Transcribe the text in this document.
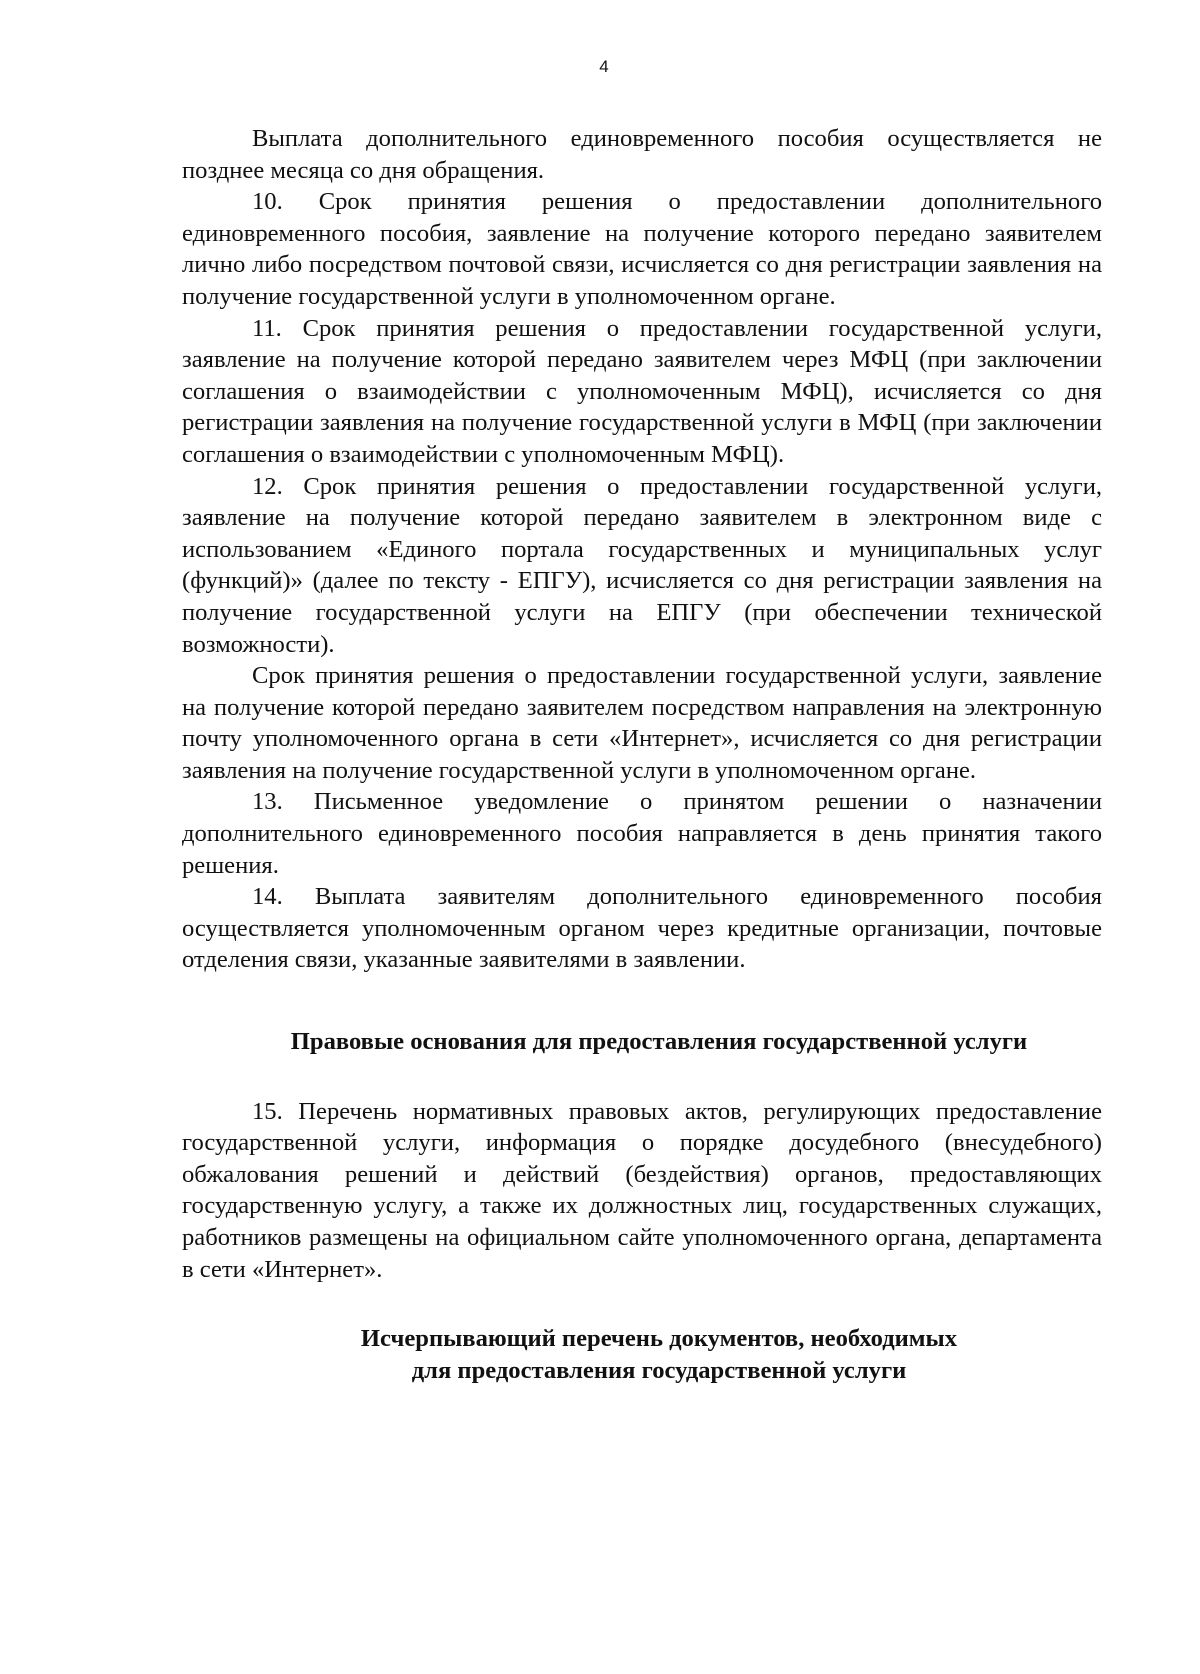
4

Выплата дополнительного единовременного пособия осуществляется не позднее месяца со дня обращения.

10. Срок принятия решения о предоставлении дополнительного единовременного пособия, заявление на получение которого передано заявителем лично либо посредством почтовой связи, исчисляется со дня регистрации заявления на получение государственной услуги в уполномоченном органе.

11. Срок принятия решения о предоставлении государственной услуги, заявление на получение которой передано заявителем через МФЦ (при заключении соглашения о взаимодействии с уполномоченным МФЦ), исчисляется со дня регистрации заявления на получение государственной услуги в МФЦ (при заключении соглашения о взаимодействии с уполномоченным МФЦ).

12. Срок принятия решения о предоставлении государственной услуги, заявление на получение которой передано заявителем в электронном виде с использованием «Единого портала государственных и муниципальных услуг (функций)» (далее по тексту - ЕПГУ), исчисляется со дня регистрации заявления на получение государственной услуги на ЕПГУ (при обеспечении технической возможности).

Срок принятия решения о предоставлении государственной услуги, заявление на получение которой передано заявителем посредством направления на электронную почту уполномоченного органа в сети «Интернет», исчисляется со дня регистрации заявления на получение государственной услуги в уполномоченном органе.

13. Письменное уведомление о принятом решении о назначении дополнительного единовременного пособия направляется в день принятия такого решения.

14. Выплата заявителям дополнительного единовременного пособия осуществляется уполномоченным органом через кредитные организации, почтовые отделения связи, указанные заявителями в заявлении.

Правовые основания для предоставления государственной услуги

15. Перечень нормативных правовых актов, регулирующих предоставление государственной услуги, информация о порядке досудебного (внесудебного) обжалования решений и действий (бездействия) органов, предоставляющих государственную услугу, а также их должностных лиц, государственных служащих, работников размещены на официальном сайте уполномоченного органа, департамента в сети «Интернет».

Исчерпывающий перечень документов, необходимых
для предоставления государственной услуги
